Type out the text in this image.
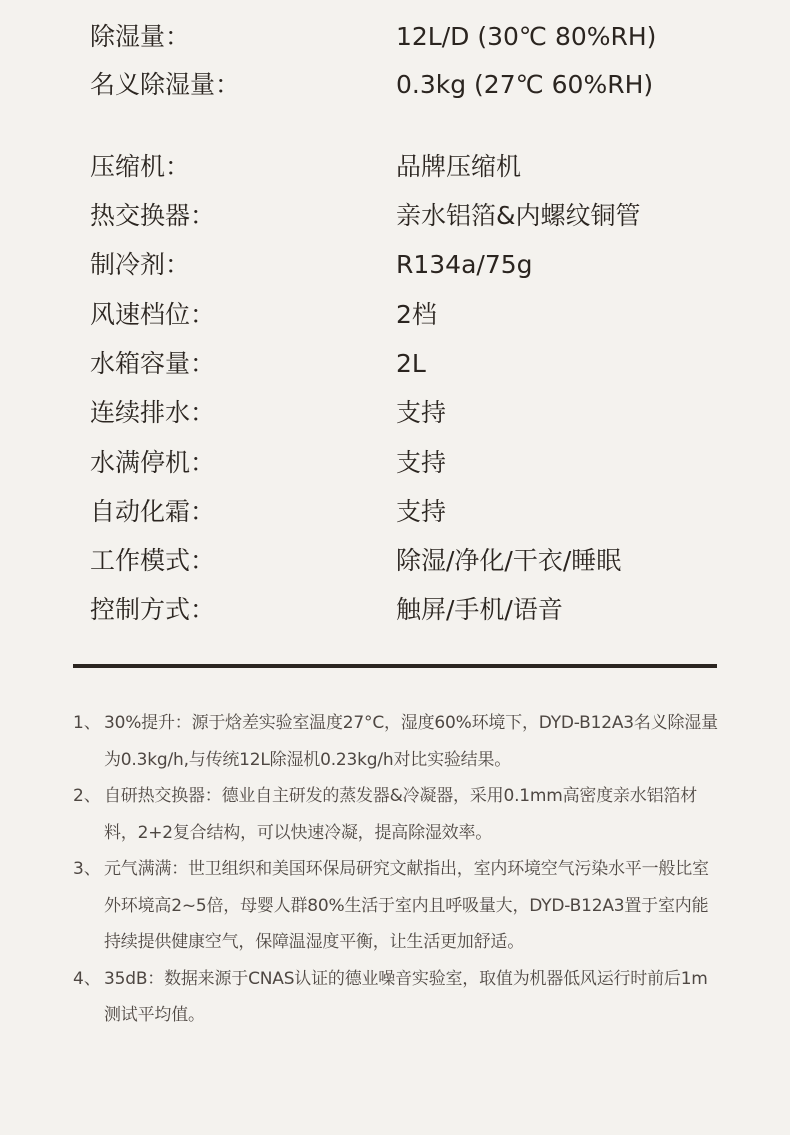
除湿量：	12L/D (30℃ 80%RH)
名义除湿量：	0.3kg (27℃ 60%RH)
压缩机：	品牌压缩机
热交换器：	亲水铝箔&内螺纹铜管
制冷剂：	R134a/75g
风速档位：	2档
水箱容量：	2L
连续排水：	支持
水满停机：	支持
自动化霜：	支持
工作模式：	除湿/净化/干衣/睡眠
控制方式：	触屏/手机/语音

1、 30%提升：源于焓差实验室温度27°C，湿度60%环境下，DYD-B12A3名义除湿量为0.3kg/h,与传统12L除湿机0.23kg/h对比实验结果。

2、 自研热交换器：德业自主研发的蒸发器&冷凝器，采用0.1mm高密度亲水铝箔材料，2+2复合结构，可以快速冷凝，提高除湿效率。

3、 元气满满：世卫组织和美国环保局研究文献指出，室内环境空气污染水平一般比室外环境高2~5倍，母婴人群80%生活于室内且呼吸量大，DYD-B12A3置于室内能持续提供健康空气，保障温湿度平衡，让生活更加舒适。

4、 35dB：数据来源于CNAS认证的德业噪音实验室，取值为机器低风运行时前后1m测试平均值。
